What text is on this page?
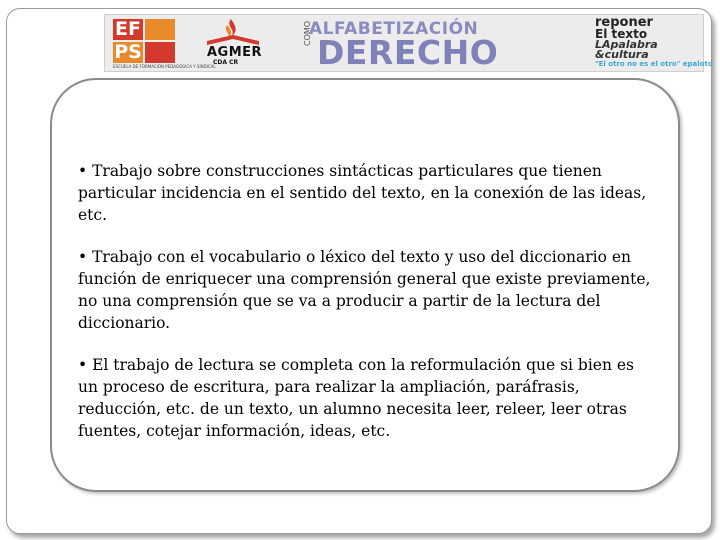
EF
PS
ESCUELA DE FORMACIÓN PEDAGÓGICA Y SINDICAL
AGMER
CDA CR
ALFABETIZACIÓN
COMO DERECHO
reponer
El texto
LApalabra
&cultura
"El otro no es el otro" epaloto

• Trabajo sobre construcciones sintácticas particulares que tienen particular incidencia en el sentido del texto, en la conexión de las ideas, etc.

• Trabajo con el vocabulario o léxico del texto y uso del diccionario en función de enriquecer una comprensión general que existe previamente, no una comprensión que se va a producir a partir de la lectura del diccionario.

• El trabajo de lectura se completa con la reformulación que si bien es un proceso de escritura, para realizar la ampliación, paráfrasis, reducción, etc. de un texto, un alumno necesita leer, releer, leer otras fuentes, cotejar información, ideas, etc.
